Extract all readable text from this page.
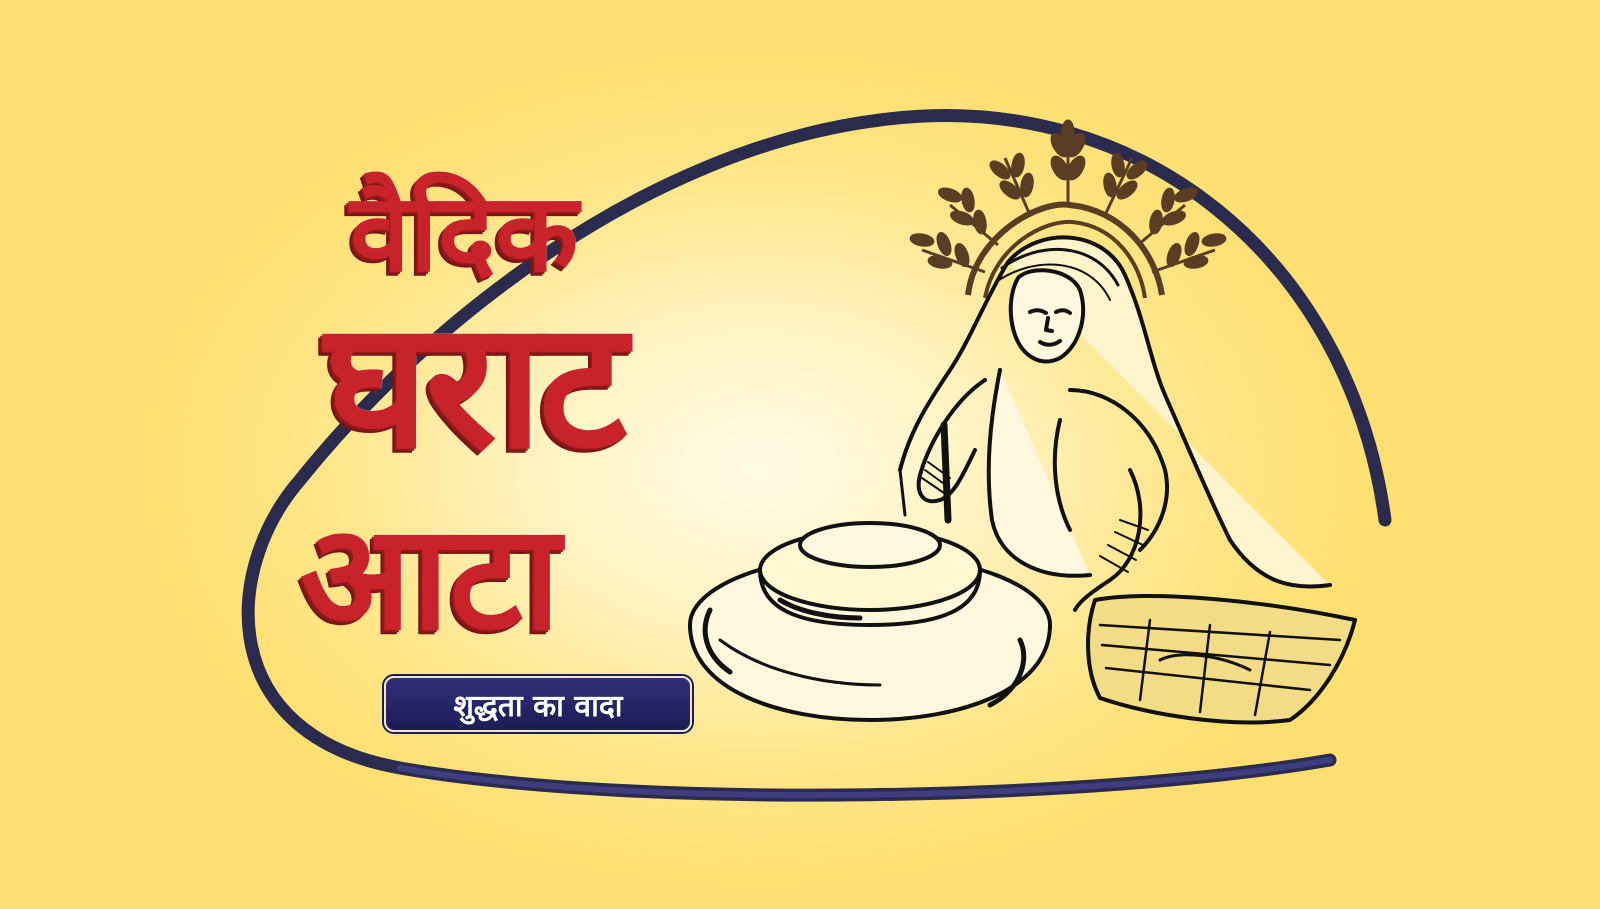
वैदिक
घराट
आटा
शुद्धता का वादा
